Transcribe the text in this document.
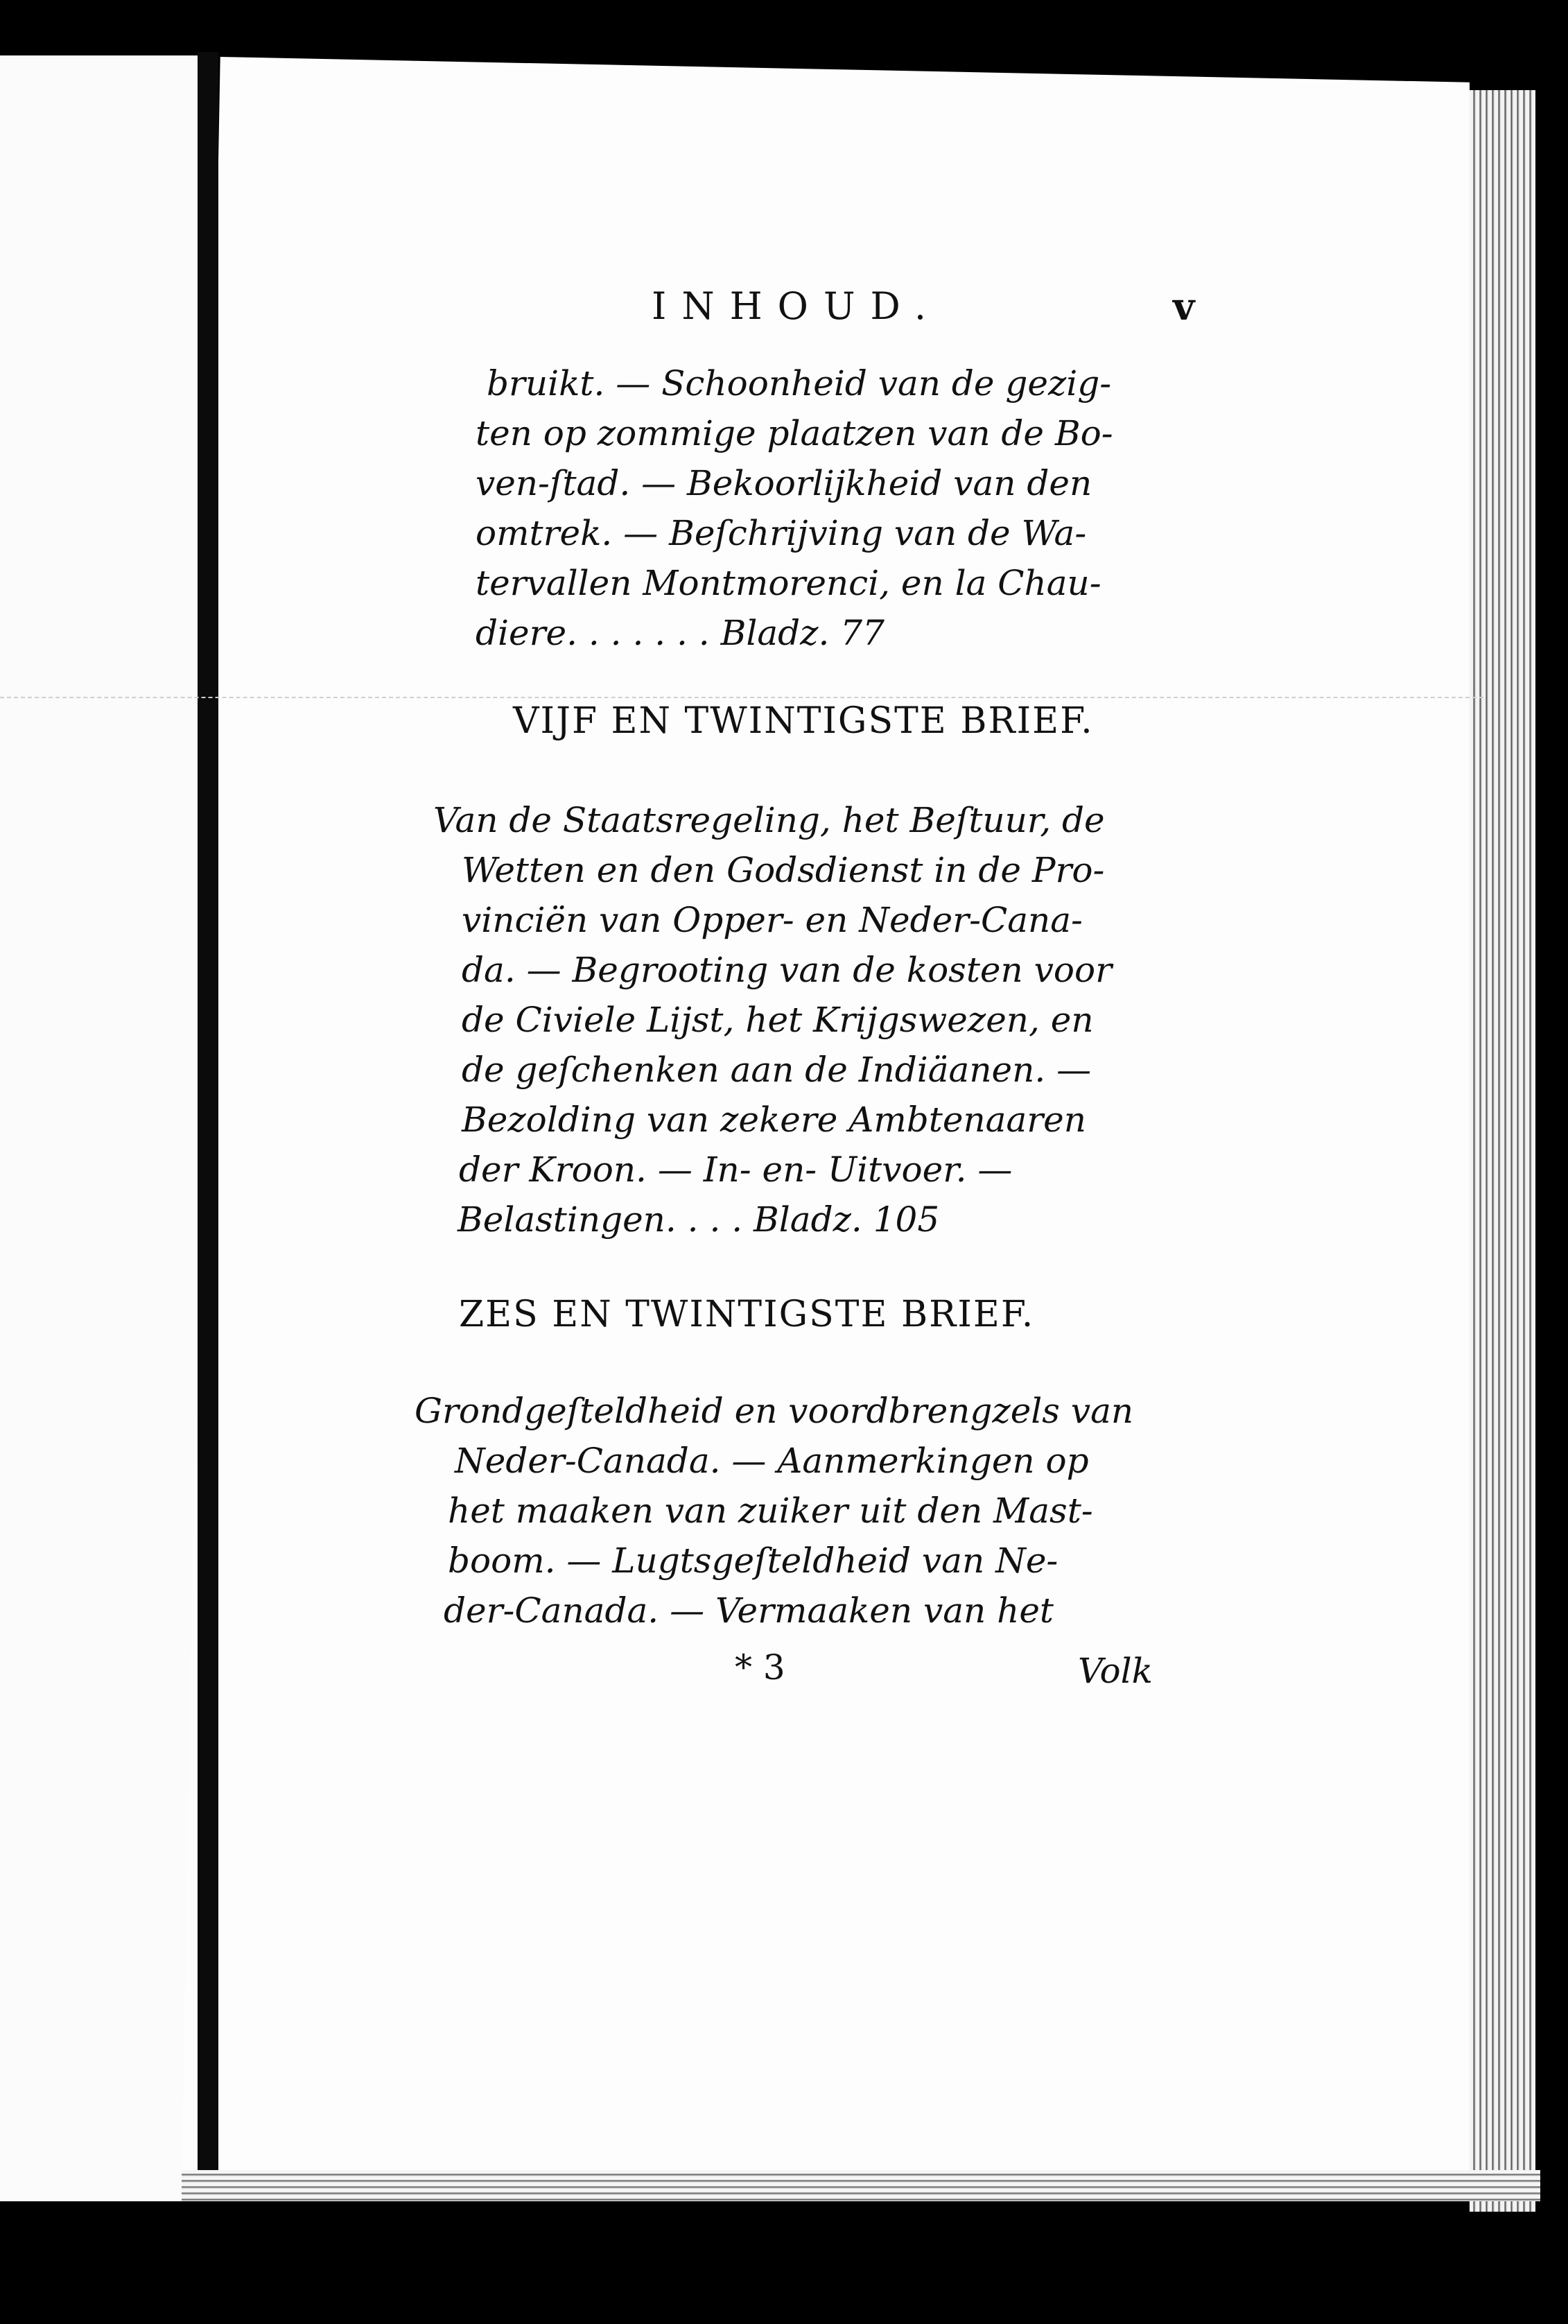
INHOUD.	v
bruikt. — Schoonheid van de gezig-
ten op zommige plaatzen van de Bo-
ven-ſtad. — Bekoorlijkheid van den
omtrek. — Beſchrijving van de Wa-
tervallen Montmorenci, en la Chau-
diere. . . . . . . Bladz. 77
VIJF EN TWINTIGSTE BRIEF.
Van de Staatsregeling, het Beſtuur, de
Wetten en den Godsdienst in de Pro-
vinciën van Opper- en Neder-Cana-
da. — Begrooting van de kosten voor
de Civiele Lijst, het Krijgswezen, en
de geſchenken aan de Indiäanen. —
Bezolding van zekere Ambtenaaren
der Kroon. — In- en- Uitvoer. —
Belastingen. . . . Bladz. 105
ZES EN TWINTIGSTE BRIEF.
Grondgeſteldheid en voordbrengzels van
Neder-Canada. — Aanmerkingen op
het maaken van zuiker uit den Mast-
boom. — Lugtsgeſteldheid van Ne-
der-Canada. — Vermaaken van het
* 3	Volk
